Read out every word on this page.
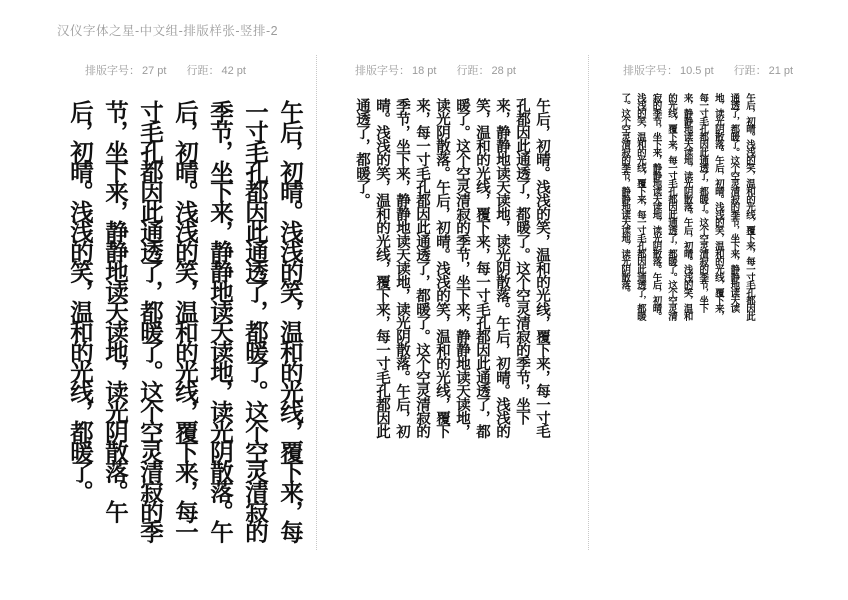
汉仪字体之星-中文组-排版样张-竖排-2
排版字号： 27 pt 行距： 42 pt	排版字号： 18 pt 行距： 28 pt	排版字号： 10.5 pt 行距： 21 pt
午后，初晴。浅浅的笑，温和的光线，覆下来，每
一寸毛孔都因此通透了，都暖了。这个空灵清寂的
季节，坐下来，静静地读天读地，读光阴散落。午
后，初晴。浅浅的笑，温和的光线，覆下来，每一
寸毛孔都因此通透了，都暖了。这个空灵清寂的季
节，坐下来，静静地读天读地，读光阴散落。午
后，初晴。浅浅的笑，温和的光线，都暖了。	午后，初晴。浅浅的笑，温和的光线，覆下来，每一寸毛
孔都因此通透了，都暖了。这个空灵清寂的季节，坐下
来，静静地读天读地，读光阴散落。午后，初晴。浅浅的
笑，温和的光线，覆下来，每一寸毛孔都因此通透了，都
暖了。这个空灵清寂的季节，坐下来，静静地读天读地，
读光阴散落。午后，初晴。浅浅的笑，温和的光线，覆下
来，每一寸毛孔都因此通透了，都暖了。这个空灵清寂的
季节，坐下来，静静地读天读地，读光阴散落。午后，初
晴。浅浅的笑，温和的光线，覆下来，每一寸毛孔都因此
通透了，都暖了。	午后，初晴。浅浅的笑，温和的光线，覆下来，每一寸毛孔都因此
通透了，都暖了。这个空灵清寂的季节，坐下来，静静地读天读
地，读光阴散落。午后，初晴。浅浅的笑，温和的光线，覆下来，
每一寸毛孔都因此通透了，都暖了。这个空灵清寂的季节，坐下
来，静静地读天读地，读光阴散落。午后，初晴。浅浅的笑，温和
的光线，覆下来，每一寸毛孔都因此通透了，都暖了。这个空灵清
寂的季节，坐下来，静静地读天读地，读光阴散落。午后，初晴。
浅浅的笑，温和的光线，覆下来，每一寸毛孔都因此通透了，都暖
了。这个空灵清寂的季节，静静地读天读地，读光阴散落。
